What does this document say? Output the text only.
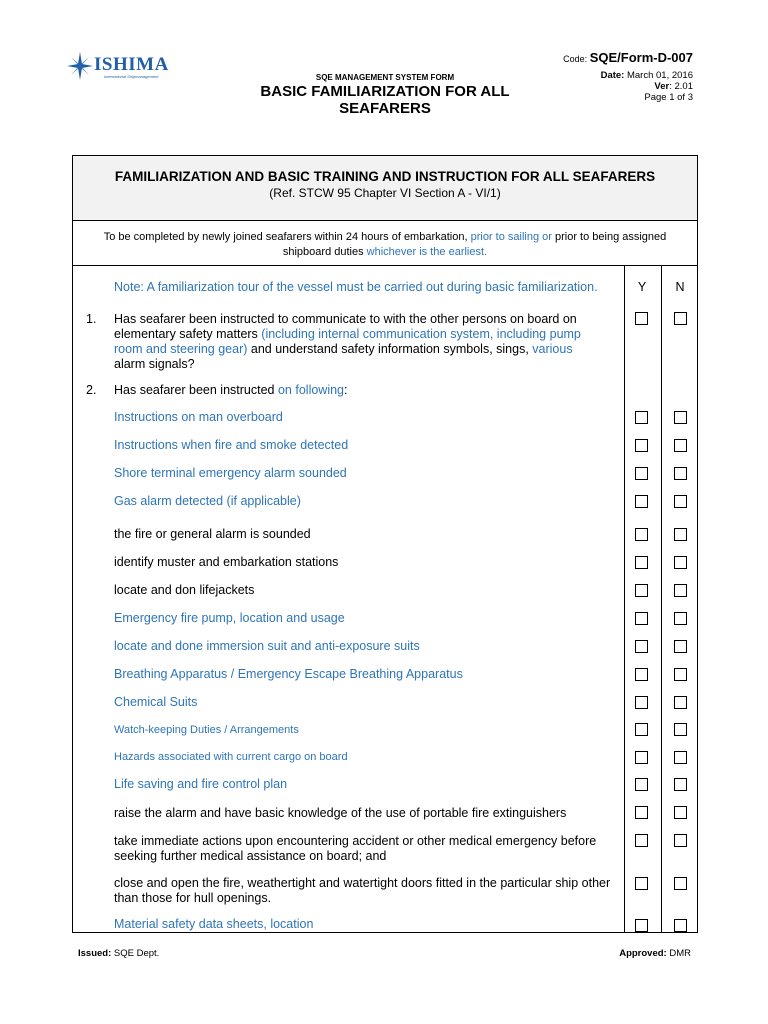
ISHIMA
International Shipmanagement	SQE MANAGEMENT SYSTEM FORM
BASIC FAMILIARIZATION FOR ALL
SEAFARERS
Code: SQE/Form-D-007
Date: March 01, 2016
Ver: 2.01
Page 1 of 3
FAMILIARIZATION AND BASIC TRAINING AND INSTRUCTION FOR ALL SEAFARERS
(Ref. STCW 95 Chapter VI Section A - VI/1)
To be completed by newly joined seafarers within 24 hours of embarkation, prior to sailing or prior to being assigned
shipboard duties whichever is the earliest.
Y	N
Note: A familiarization tour of the vessel must be carried out during basic familiarization.
1. Has seafarer been instructed to communicate to with the other persons on board on
elementary safety matters (including internal communication system, including pump
room and steering gear) and understand safety information symbols, sings, various
alarm signals?
2. Has seafarer been instructed on following:
Instructions on man overboard
Instructions when fire and smoke detected
Shore terminal emergency alarm sounded
Gas alarm detected (if applicable)
the fire or general alarm is sounded
identify muster and embarkation stations
locate and don lifejackets
Emergency fire pump, location and usage
locate and done immersion suit and anti-exposure suits
Breathing Apparatus / Emergency Escape Breathing Apparatus
Chemical Suits
Watch-keeping Duties / Arrangements
Hazards associated with current cargo on board
Life saving and fire control plan
raise the alarm and have basic knowledge of the use of portable fire extinguishers
take immediate actions upon encountering accident or other medical emergency before seeking further medical assistance on board; and
close and open the fire, weathertight and watertight doors fitted in the particular ship other than those for hull openings.
Material safety data sheets, location
Issued: SQE Dept.	Approved: DMR
